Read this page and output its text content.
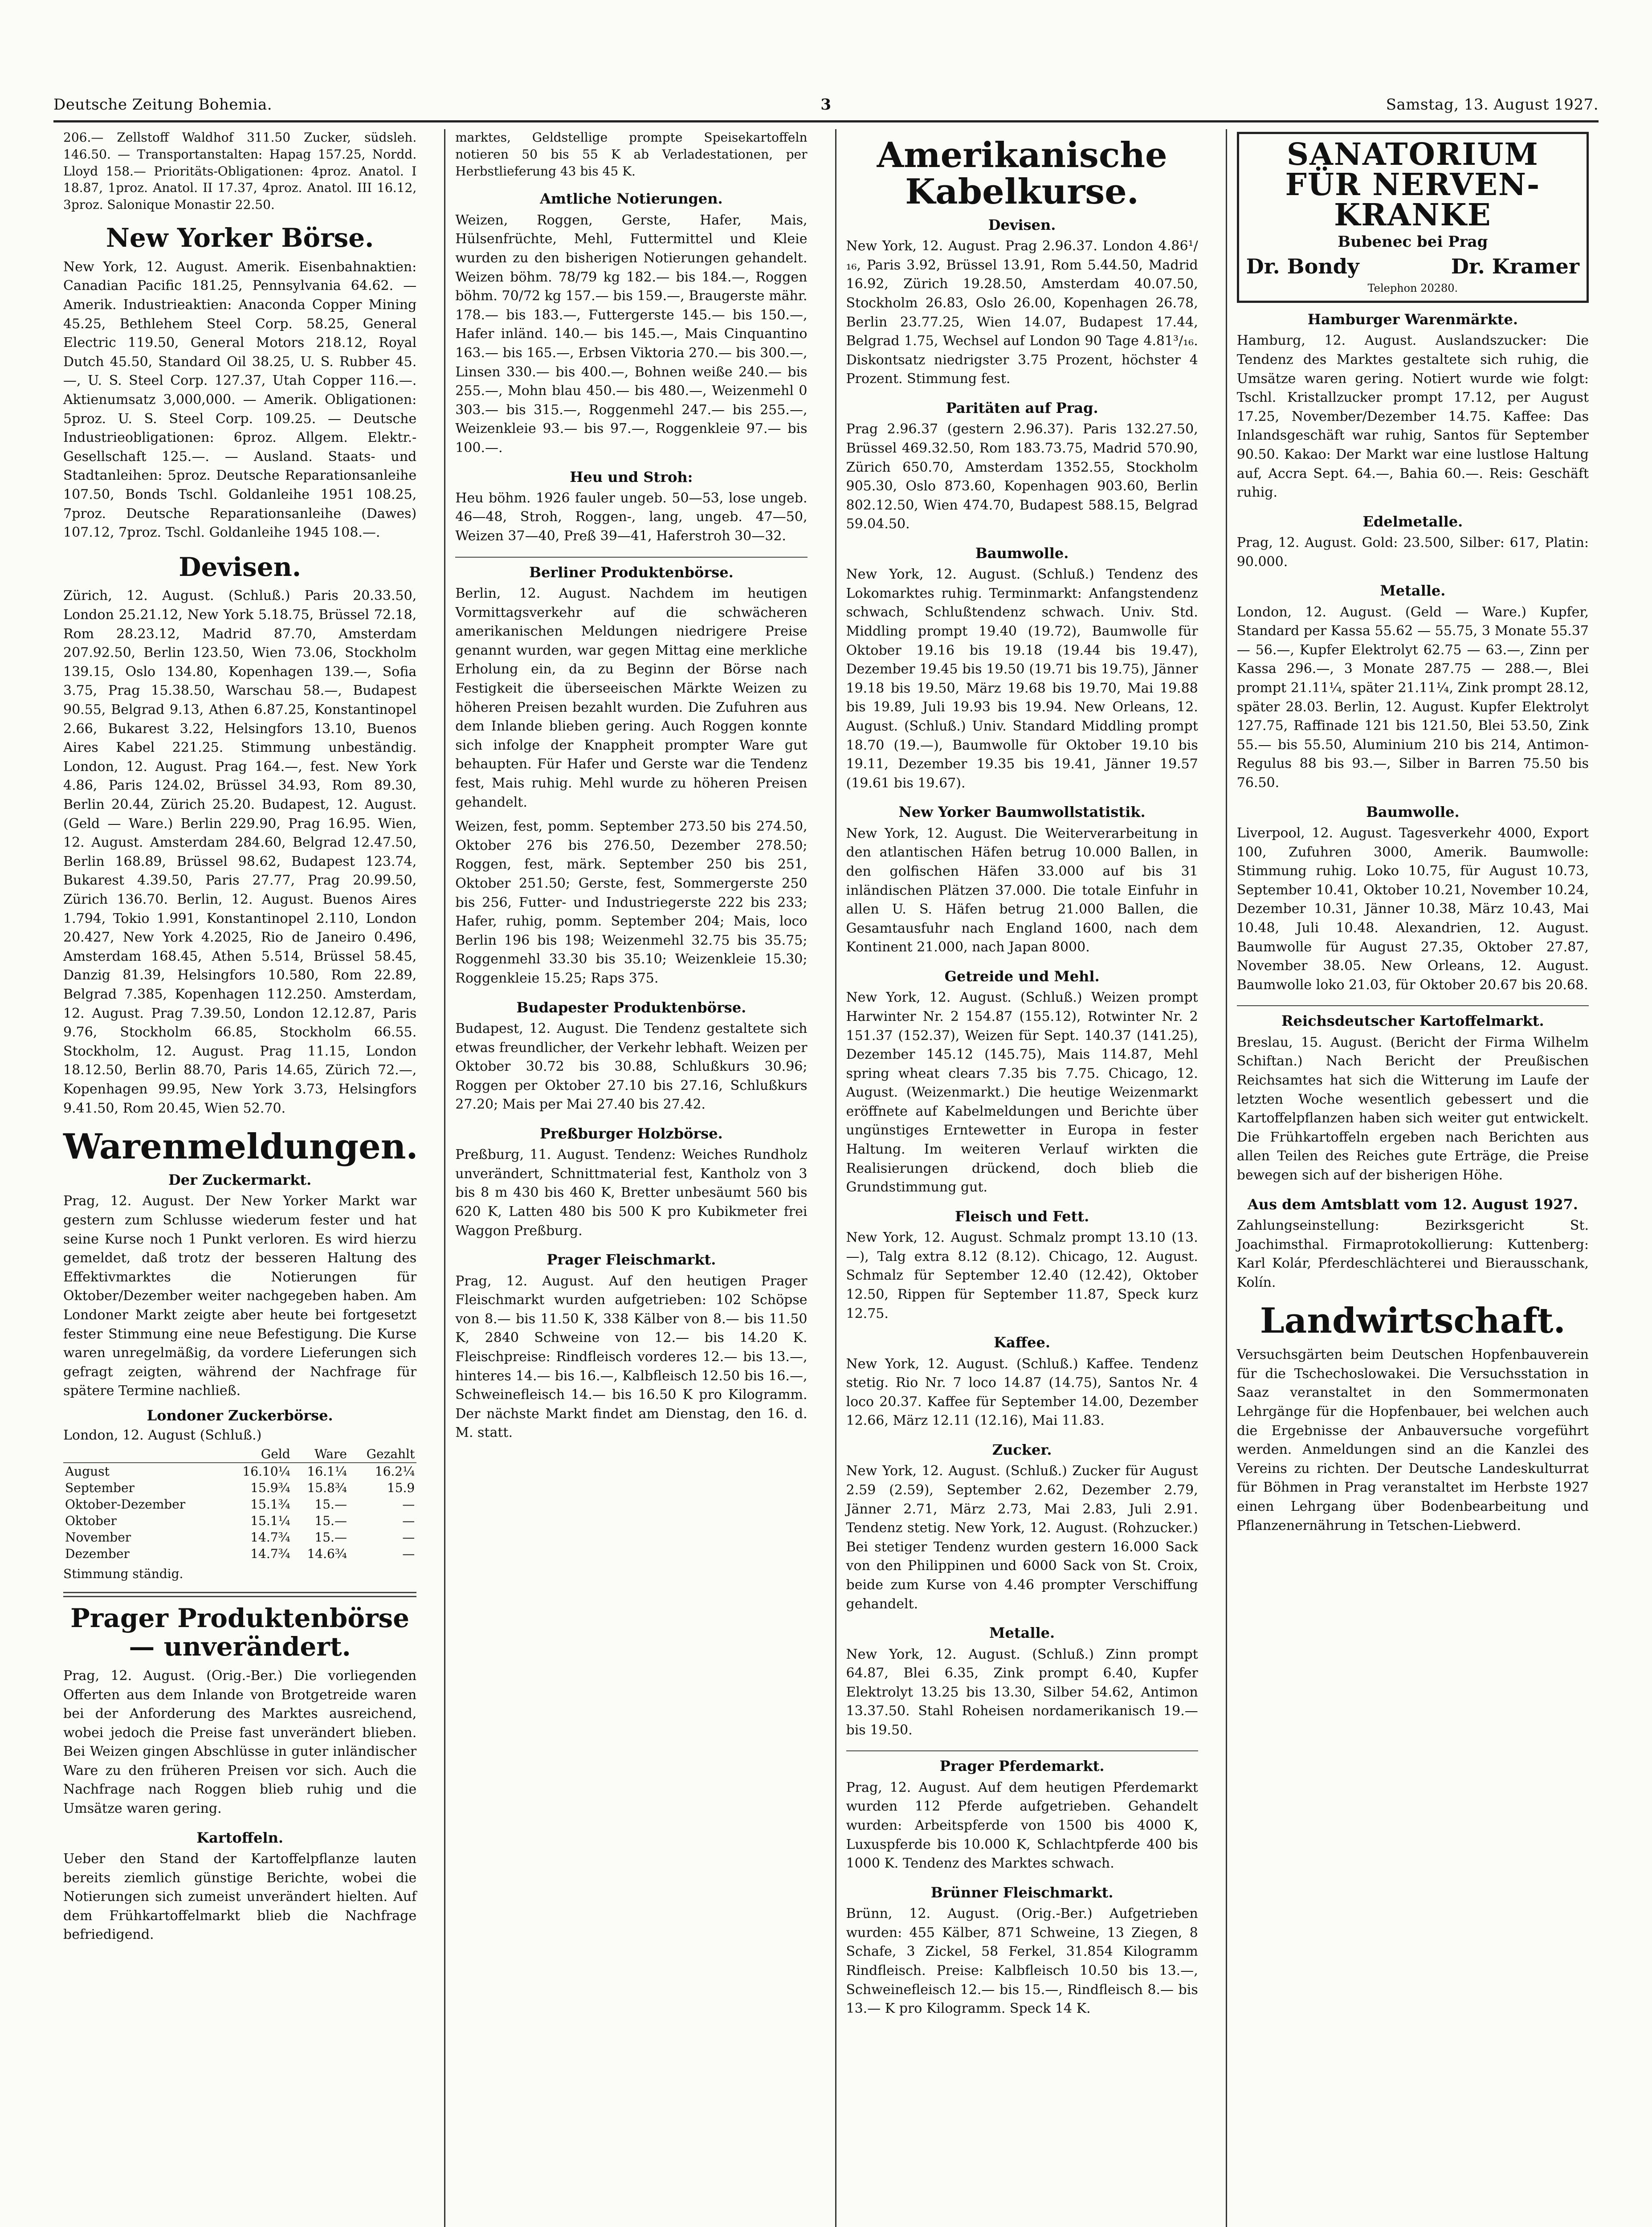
Deutsche Zeitung Bohemia.	3	Samstag, 13. August 1927.

206.— Zellstoff Waldhof 311.50 Zucker, südsleh. 146.50. — Transportanstalten: Hapag 157.25, Nordd. Lloyd 158.— Prioritäts-Obligationen: 4proz. Anatol. I 18.87, 1proz. Anatol. II 17.37, 4proz. Anatol. III 16.12, 3proz. Salonique Monastir 22.50.

New Yorker Börse.

New York, 12. August. Amerik. Eisenbahnaktien: Canadian Pacific 181.25, Pennsylvania 64.62. — Amerik. Industrieaktien: Anaconda Copper Mining 45.25, Bethlehem Steel Corp. 58.25, General Electric 119.50, General Motors 218.12, Royal Dutch 45.50, Standard Oil 38.25, U. S. Rubber 45.—, U. S. Steel Corp. 127.37, Utah Copper 116.—. Aktienumsatz 3,000,000. — Amerik. Obligationen: 5proz. U. S. Steel Corp. 109.25. — Deutsche Industrieobligationen: 6proz. Allgem. Elektr.-Gesellschaft 125.—. — Ausland. Staats- und Stadtanleihen: 5proz. Deutsche Reparationsanleihe 107.50, Bonds Tschl. Goldanleihe 1951 108.25, 7proz. Deutsche Reparationsanleihe (Dawes) 107.12, 7proz. Tschl. Goldanleihe 1945 108.—.

Devisen.

Zürich, 12. August. (Schluß.) Paris 20.33.50, London 25.21.12, New York 5.18.75, Brüssel 72.18, Rom 28.23.12, Madrid 87.70, Amsterdam 207.92.50, Berlin 123.50, Wien 73.06, Stockholm 139.15, Oslo 134.80, Kopenhagen 139.—, Sofia 3.75, Prag 15.38.50, Warschau 58.—, Budapest 90.55, Belgrad 9.13, Athen 6.87.25, Konstantinopel 2.66, Bukarest 3.22, Helsingfors 13.10, Buenos Aires Kabel 221.25. Stimmung unbeständig. London, 12. August. Prag 164.—, fest. New York 4.86, Paris 124.02, Brüssel 34.93, Rom 89.30, Berlin 20.44, Zürich 25.20. Budapest, 12. August. (Geld — Ware.) Berlin 229.90, Prag 16.95. Wien, 12. August. Amsterdam 284.60, Belgrad 12.47.50, Berlin 168.89, Brüssel 98.62, Budapest 123.74, Bukarest 4.39.50, Paris 27.77, Prag 20.99.50, Zürich 136.70. Berlin, 12. August. Buenos Aires 1.794, Tokio 1.991, Konstantinopel 2.110, London 20.427, New York 4.2025, Rio de Janeiro 0.496, Amsterdam 168.45, Athen 5.514, Brüssel 58.45, Danzig 81.39, Helsingfors 10.580, Rom 22.89, Belgrad 7.385, Kopenhagen 112.250. Amsterdam, 12. August. Prag 7.39.50, London 12.12.87, Paris 9.76, Stockholm 66.85, Stockholm 66.55. Stockholm, 12. August. Prag 11.15, London 18.12.50, Berlin 88.70, Paris 14.65, Zürich 72.—, Kopenhagen 99.95, New York 3.73, Helsingfors 9.41.50, Rom 20.45, Wien 52.70.

Warenmeldungen.
Der Zuckermarkt.

Prag, 12. August. Der New Yorker Markt war gestern zum Schlusse wiederum fester und hat seine Kurse noch 1 Punkt verloren. Es wird hierzu gemeldet, daß trotz der besseren Haltung des Effektivmarktes die Notierungen für Oktober/Dezember weiter nachgegeben haben. Am Londoner Markt zeigte aber heute bei fortgesetzt fester Stimmung eine neue Befestigung. Die Kurse waren unregelmäßig, da vordere Lieferungen sich gefragt zeigten, während der Nachfrage für spätere Termine nachließ.

Londoner Zuckerbörse.
London, 12. August (Schluß.)
	Geld	Ware	Gezahlt
August	16.10¼	16.1¼	16.2¼
September	15.9¾	15.8¾	15.9
Oktober-Dezember	15.1¾	15.—	—
Oktober	15.1¼	15.—	—
November	14.7¾	15.—	—
Dezember	14.7¾	14.6¾	—
Stimmung ständig.
Prager Produktenbörse — unverändert.

Prag, 12. August. (Orig.-Ber.) Die vorliegenden Offerten aus dem Inlande von Brotgetreide waren bei der Anforderung des Marktes ausreichend, wobei jedoch die Preise fast unverändert blieben. Bei Weizen gingen Abschlüsse in guter inländischer Ware zu den früheren Preisen vor sich. Auch die Nachfrage nach Roggen blieb ruhig und die Umsätze waren gering.

Kartoffeln.

Ueber den Stand der Kartoffelpflanze lauten bereits ziemlich günstige Berichte, wobei die Notierungen sich zumeist unverändert hielten. Auf dem Frühkartoffelmarkt blieb die Nachfrage befriedigend.

marktes, Geldstellige prompte Speisekartoffeln notieren 50 bis 55 K ab Verladestationen, per Herbstlieferung 43 bis 45 K.

Amtliche Notierungen.

Weizen, Roggen, Gerste, Hafer, Mais, Hülsenfrüchte, Mehl, Futtermittel und Kleie wurden zu den bisherigen Notierungen gehandelt. Weizen böhm. 78/79 kg 182.— bis 184.—, Roggen böhm. 70/72 kg 157.— bis 159.—, Braugerste mähr. 178.— bis 183.—, Futtergerste 145.— bis 150.—, Hafer inländ. 140.— bis 145.—, Mais Cinquantino 163.— bis 165.—, Erbsen Viktoria 270.— bis 300.—, Linsen 330.— bis 400.—, Bohnen weiße 240.— bis 255.—, Mohn blau 450.— bis 480.—, Weizenmehl 0 303.— bis 315.—, Roggenmehl 247.— bis 255.—, Weizenkleie 93.— bis 97.—, Roggenkleie 97.— bis 100.—.

Heu und Stroh:

Heu böhm. 1926 fauler ungeb. 50—53, lose ungeb. 46—48, Stroh, Roggen-, lang, ungeb. 47—50, Weizen 37—40, Preß 39—41, Haferstroh 30—32.

Berliner Produktenbörse.

Berlin, 12. August. Nachdem im heutigen Vormittagsverkehr auf die schwächeren amerikanischen Meldungen niedrigere Preise genannt wurden, war gegen Mittag eine merkliche Erholung ein, da zu Beginn der Börse nach Festigkeit die überseeischen Märkte Weizen zu höheren Preisen bezahlt wurden. Die Zufuhren aus dem Inlande blieben gering. Auch Roggen konnte sich infolge der Knappheit prompter Ware gut behaupten. Für Hafer und Gerste war die Tendenz fest, Mais ruhig. Mehl wurde zu höheren Preisen gehandelt.

Weizen, fest, pomm. September 273.50 bis 274.50, Oktober 276 bis 276.50, Dezember 278.50; Roggen, fest, märk. September 250 bis 251, Oktober 251.50; Gerste, fest, Sommergerste 250 bis 256, Futter- und Industriegerste 222 bis 233; Hafer, ruhig, pomm. September 204; Mais, loco Berlin 196 bis 198; Weizenmehl 32.75 bis 35.75; Roggenmehl 33.30 bis 35.10; Weizenkleie 15.30; Roggenkleie 15.25; Raps 375.

Budapester Produktenbörse.

Budapest, 12. August. Die Tendenz gestaltete sich etwas freundlicher, der Verkehr lebhaft. Weizen per Oktober 30.72 bis 30.88, Schlußkurs 30.96; Roggen per Oktober 27.10 bis 27.16, Schlußkurs 27.20; Mais per Mai 27.40 bis 27.42.

Preßburger Holzbörse.

Preßburg, 11. August. Tendenz: Weiches Rundholz unverändert, Schnittmaterial fest, Kantholz von 3 bis 8 m 430 bis 460 K, Bretter unbesäumt 560 bis 620 K, Latten 480 bis 500 K pro Kubikmeter frei Waggon Preßburg.

Prager Fleischmarkt.

Prag, 12. August. Auf den heutigen Prager Fleischmarkt wurden aufgetrieben: 102 Schöpse von 8.— bis 11.50 K, 338 Kälber von 8.— bis 11.50 K, 2840 Schweine von 12.— bis 14.20 K. Fleischpreise: Rindfleisch vorderes 12.— bis 13.—, hinteres 14.— bis 16.—, Kalbfleisch 12.50 bis 16.—, Schweinefleisch 14.— bis 16.50 K pro Kilogramm. Der nächste Markt findet am Dienstag, den 16. d. M. statt.

Amerikanische Kabelkurse.
Devisen.

New York, 12. August. Prag 2.96.37. London 4.86¹/₁₆, Paris 3.92, Brüssel 13.91, Rom 5.44.50, Madrid 16.92, Zürich 19.28.50, Amsterdam 40.07.50, Stockholm 26.83, Oslo 26.00, Kopenhagen 26.78, Berlin 23.77.25, Wien 14.07, Budapest 17.44, Belgrad 1.75, Wechsel auf London 90 Tage 4.81³/₁₆. Diskontsatz niedrigster 3.75 Prozent, höchster 4 Prozent. Stimmung fest.

Paritäten auf Prag.

Prag 2.96.37 (gestern 2.96.37). Paris 132.27.50, Brüssel 469.32.50, Rom 183.73.75, Madrid 570.90, Zürich 650.70, Amsterdam 1352.55, Stockholm 905.30, Oslo 873.60, Kopenhagen 903.60, Berlin 802.12.50, Wien 474.70, Budapest 588.15, Belgrad 59.04.50.

Baumwolle.

New York, 12. August. (Schluß.) Tendenz des Lokomarktes ruhig. Terminmarkt: Anfangstendenz schwach, Schlußtendenz schwach. Univ. Std. Middling prompt 19.40 (19.72), Baumwolle für Oktober 19.16 bis 19.18 (19.44 bis 19.47), Dezember 19.45 bis 19.50 (19.71 bis 19.75), Jänner 19.18 bis 19.50, März 19.68 bis 19.70, Mai 19.88 bis 19.89, Juli 19.93 bis 19.94. New Orleans, 12. August. (Schluß.) Univ. Standard Middling prompt 18.70 (19.—), Baumwolle für Oktober 19.10 bis 19.11, Dezember 19.35 bis 19.41, Jänner 19.57 (19.61 bis 19.67).

New Yorker Baumwollstatistik.

New York, 12. August. Die Weiterverarbeitung in den atlantischen Häfen betrug 10.000 Ballen, in den golfischen Häfen 33.000 auf bis 31 inländischen Plätzen 37.000. Die totale Einfuhr in allen U. S. Häfen betrug 21.000 Ballen, die Gesamtausfuhr nach England 1600, nach dem Kontinent 21.000, nach Japan 8000.

Getreide und Mehl.

New York, 12. August. (Schluß.) Weizen prompt Harwinter Nr. 2 154.87 (155.12), Rotwinter Nr. 2 151.37 (152.37), Weizen für Sept. 140.37 (141.25), Dezember 145.12 (145.75), Mais 114.87, Mehl spring wheat clears 7.35 bis 7.75. Chicago, 12. August. (Weizenmarkt.) Die heutige Weizenmarkt eröffnete auf Kabelmeldungen und Berichte über ungünstiges Erntewetter in Europa in fester Haltung. Im weiteren Verlauf wirkten die Realisierungen drückend, doch blieb die Grundstimmung gut.

Fleisch und Fett.

New York, 12. August. Schmalz prompt 13.10 (13.—), Talg extra 8.12 (8.12). Chicago, 12. August. Schmalz für September 12.40 (12.42), Oktober 12.50, Rippen für September 11.87, Speck kurz 12.75.

Kaffee.

New York, 12. August. (Schluß.) Kaffee. Tendenz stetig. Rio Nr. 7 loco 14.87 (14.75), Santos Nr. 4 loco 20.37. Kaffee für September 14.00, Dezember 12.66, März 12.11 (12.16), Mai 11.83.

Zucker.

New York, 12. August. (Schluß.) Zucker für August 2.59 (2.59), September 2.62, Dezember 2.79, Jänner 2.71, März 2.73, Mai 2.83, Juli 2.91. Tendenz stetig. New York, 12. August. (Rohzucker.) Bei stetiger Tendenz wurden gestern 16.000 Sack von den Philippinen und 6000 Sack von St. Croix, beide zum Kurse von 4.46 prompter Verschiffung gehandelt.

Metalle.

New York, 12. August. (Schluß.) Zinn prompt 64.87, Blei 6.35, Zink prompt 6.40, Kupfer Elektrolyt 13.25 bis 13.30, Silber 54.62, Antimon 13.37.50. Stahl Roheisen nordamerikanisch 19.— bis 19.50.

Prager Pferdemarkt.

Prag, 12. August. Auf dem heutigen Pferdemarkt wurden 112 Pferde aufgetrieben. Gehandelt wurden: Arbeitspferde von 1500 bis 4000 K, Luxuspferde bis 10.000 K, Schlachtpferde 400 bis 1000 K. Tendenz des Marktes schwach.

Brünner Fleischmarkt.

Brünn, 12. August. (Orig.-Ber.) Aufgetrieben wurden: 455 Kälber, 871 Schweine, 13 Ziegen, 8 Schafe, 3 Zickel, 58 Ferkel, 31.854 Kilogramm Rindfleisch. Preise: Kalbfleisch 10.50 bis 13.—, Schweinefleisch 12.— bis 15.—, Rindfleisch 8.— bis 13.— K pro Kilogramm. Speck 14 K.

SANATORIUM FÜR NERVEN-KRANKE
Bubenec bei Prag
Dr. Bondy	Dr. Kramer
Telephon 20280.
Hamburger Warenmärkte.

Hamburg, 12. August. Auslandszucker: Die Tendenz des Marktes gestaltete sich ruhig, die Umsätze waren gering. Notiert wurde wie folgt: Tschl. Kristallzucker prompt 17.12, per August 17.25, November/Dezember 14.75. Kaffee: Das Inlandsgeschäft war ruhig, Santos für September 90.50. Kakao: Der Markt war eine lustlose Haltung auf, Accra Sept. 64.—, Bahia 60.—. Reis: Geschäft ruhig.

Edelmetalle.

Prag, 12. August. Gold: 23.500, Silber: 617, Platin: 90.000.

Metalle.

London, 12. August. (Geld — Ware.) Kupfer, Standard per Kassa 55.62 — 55.75, 3 Monate 55.37 — 56.—, Kupfer Elektrolyt 62.75 — 63.—, Zinn per Kassa 296.—, 3 Monate 287.75 — 288.—, Blei prompt 21.11¼, später 21.11¼, Zink prompt 28.12, später 28.03. Berlin, 12. August. Kupfer Elektrolyt 127.75, Raffinade 121 bis 121.50, Blei 53.50, Zink 55.— bis 55.50, Aluminium 210 bis 214, Antimon-Regulus 88 bis 93.—, Silber in Barren 75.50 bis 76.50.

Baumwolle.

Liverpool, 12. August. Tagesverkehr 4000, Export 100, Zufuhren 3000, Amerik. Baumwolle: Stimmung ruhig. Loko 10.75, für August 10.73, September 10.41, Oktober 10.21, November 10.24, Dezember 10.31, Jänner 10.38, März 10.43, Mai 10.48, Juli 10.48. Alexandrien, 12. August. Baumwolle für August 27.35, Oktober 27.87, November 38.05. New Orleans, 12. August. Baumwolle loko 21.03, für Oktober 20.67 bis 20.68.

Reichsdeutscher Kartoffelmarkt.

Breslau, 15. August. (Bericht der Firma Wilhelm Schiftan.) Nach Bericht der Preußischen Reichsamtes hat sich die Witterung im Laufe der letzten Woche wesentlich gebessert und die Kartoffelpflanzen haben sich weiter gut entwickelt. Die Frühkartoffeln ergeben nach Berichten aus allen Teilen des Reiches gute Erträge, die Preise bewegen sich auf der bisherigen Höhe.

Aus dem Amtsblatt vom 12. August 1927.

Zahlungseinstellung: Bezirksgericht St. Joachimsthal. Firmaprotokollierung: Kuttenberg: Karl Kolár, Pferdeschlächterei und Bierausschank, Kolín.

Landwirtschaft.

Versuchsgärten beim Deutschen Hopfenbauverein für die Tschechoslowakei. Die Versuchsstation in Saaz veranstaltet in den Sommermonaten Lehrgänge für die Hopfenbauer, bei welchen auch die Ergebnisse der Anbauversuche vorgeführt werden. Anmeldungen sind an die Kanzlei des Vereins zu richten. Der Deutsche Landeskulturrat für Böhmen in Prag veranstaltet im Herbste 1927 einen Lehrgang über Bodenbearbeitung und Pflanzenernährung in Tetschen-Liebwerd.
